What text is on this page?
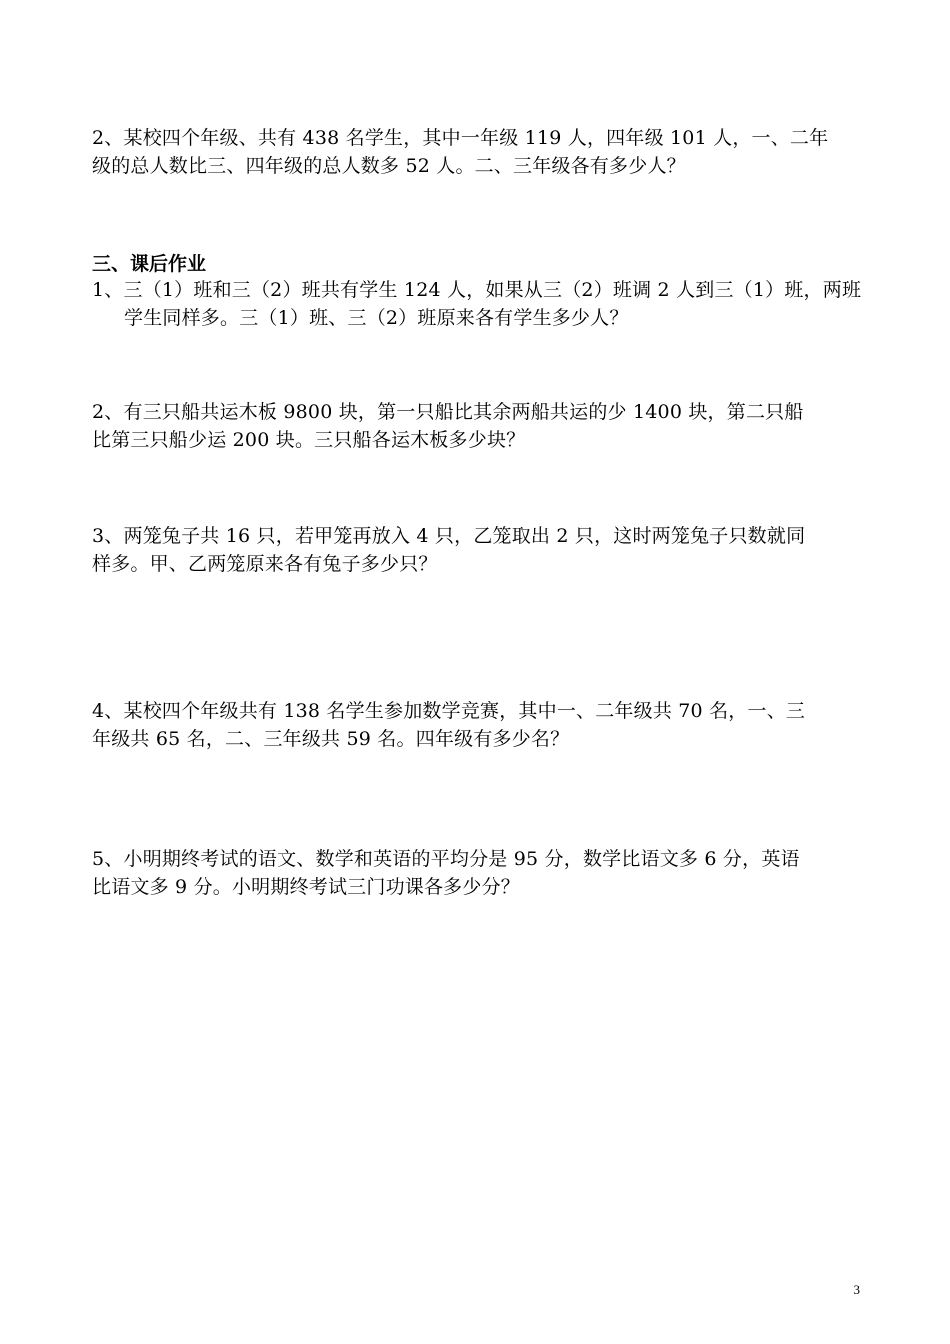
2、某校四个年级、共有 438 名学生，其中一年级 119 人，四年级 101 人，一、二年
级的总人数比三、四年级的总人数多 52 人。二、三年级各有多少人？
三、课后作业
1、三（1）班和三（2）班共有学生 124 人，如果从三（2）班调 2 人到三（1）班，两班
学生同样多。三（1）班、三（2）班原来各有学生多少人？
2、有三只船共运木板 9800 块，第一只船比其余两船共运的少 1400 块，第二只船
比第三只船少运 200 块。三只船各运木板多少块？
3、两笼兔子共 16 只，若甲笼再放入 4 只，乙笼取出 2 只，这时两笼兔子只数就同
样多。甲、乙两笼原来各有兔子多少只？
4、某校四个年级共有 138 名学生参加数学竞赛，其中一、二年级共 70 名，一、三
年级共 65 名，二、三年级共 59 名。四年级有多少名？
5、小明期终考试的语文、数学和英语的平均分是 95 分，数学比语文多 6 分，英语
比语文多 9 分。小明期终考试三门功课各多少分？
3
